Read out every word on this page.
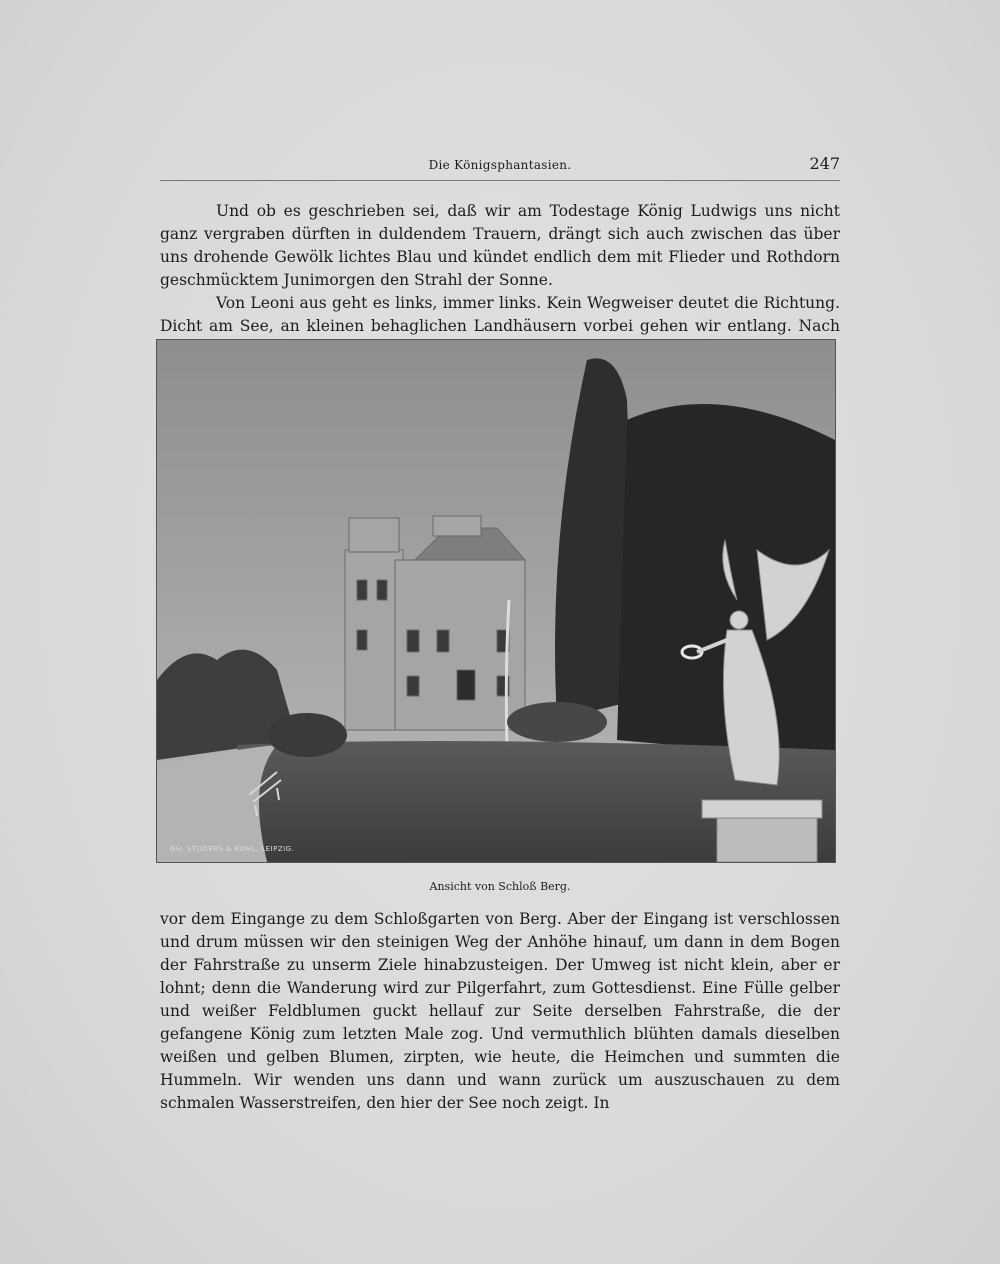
Die Königsphantasien.	247

Und ob es geschrieben sei, daß wir am Todestage König Ludwigs uns nicht ganz vergraben dürften in duldendem Trauern, drängt sich auch zwischen das über uns drohende Gewölk lichtes Blau und kündet endlich dem mit Flieder und Rothdorn geschmücktem Junimorgen den Strahl der Sonne.

Von Leoni aus geht es links, immer links. Kein Wegweiser deutet die Richtung. Dicht am See, an kleinen behaglichen Landhäusern vorbei gehen wir entlang. Nach

GH. STUDERS & KOHL, LEIPZIG.
Ansicht von Schloß Berg.

vor dem Eingange zu dem Schloßgarten von Berg. Aber der Eingang ist verschlossen und drum müssen wir den steinigen Weg der Anhöhe hinauf, um dann in dem Bogen der Fahrstraße zu unserm Ziele hinabzusteigen. Der Umweg ist nicht klein, aber er lohnt; denn die Wanderung wird zur Pilgerfahrt, zum Gottesdienst. Eine Fülle gelber und weißer Feldblumen guckt hellauf zur Seite derselben Fahrstraße, die der gefangene König zum letzten Male zog. Und vermuthlich blühten damals dieselben weißen und gelben Blumen, zirpten, wie heute, die Heimchen und summten die Hummeln. Wir wenden uns dann und wann zurück um auszuschauen zu dem schmalen Wasserstreifen, den hier der See noch zeigt. In
